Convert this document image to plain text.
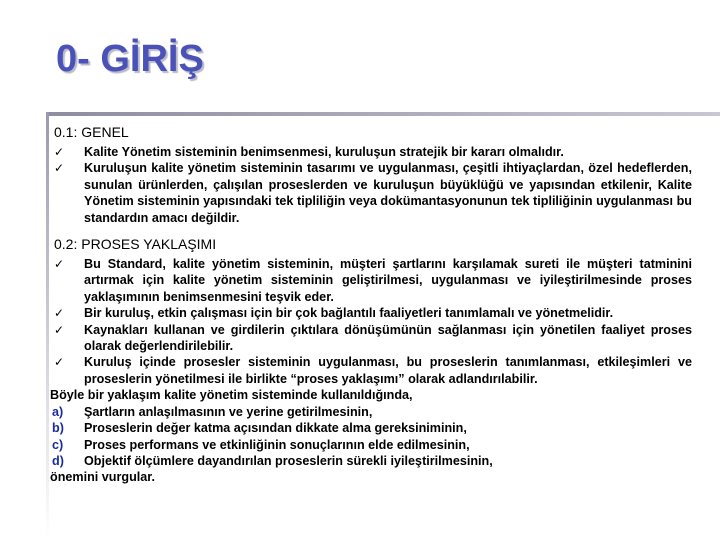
0- GİRİŞ

0.1: GENEL

✓ Kalite Yönetim sisteminin benimsenmesi, kuruluşun stratejik bir kararı olmalıdır.
✓ Kuruluşun kalite yönetim sisteminin tasarımı ve uygulanması, çeşitli ihtiyaçlardan, özel hedeflerden, sunulan ürünlerden, çalışılan proseslerden ve kuruluşun büyüklüğü ve yapısından etkilenir, Kalite Yönetim sisteminin yapısındaki tek tipliliğin veya dokümantasyonunun tek tipliliğinin uygulanması bu standardın amacı değildir.

0.2: PROSES YAKLAŞIMI

✓ Bu Standard, kalite yönetim sisteminin, müşteri şartlarını karşılamak sureti ile müşteri tatminini artırmak için kalite yönetim sisteminin geliştirilmesi, uygulanması ve iyileştirilmesinde proses yaklaşımının benimsenmesini teşvik eder.
✓ Bir kuruluş, etkin çalışması için bir çok bağlantılı faaliyetleri tanımlamalı ve yönetmelidir.
✓ Kaynakları kullanan ve girdilerin çıktılara dönüşümünün sağlanması için yönetilen faaliyet proses olarak değerlendirilebilir.
✓ Kuruluş içinde prosesler sisteminin uygulanması, bu proseslerin tanımlanması, etkileşimleri ve proseslerin yönetilmesi ile birlikte “proses yaklaşımı” olarak adlandırılabilir.
Böyle bir yaklaşım kalite yönetim sisteminde kullanıldığında,
a) Şartların anlaşılmasının ve yerine getirilmesinin,
b) Proseslerin değer katma açısından dikkate alma gereksiniminin,
c) Proses performans ve etkinliğinin sonuçlarının elde edilmesinin,
d) Objektif ölçümlere dayandırılan proseslerin sürekli iyileştirilmesinin,
önemini vurgular.
